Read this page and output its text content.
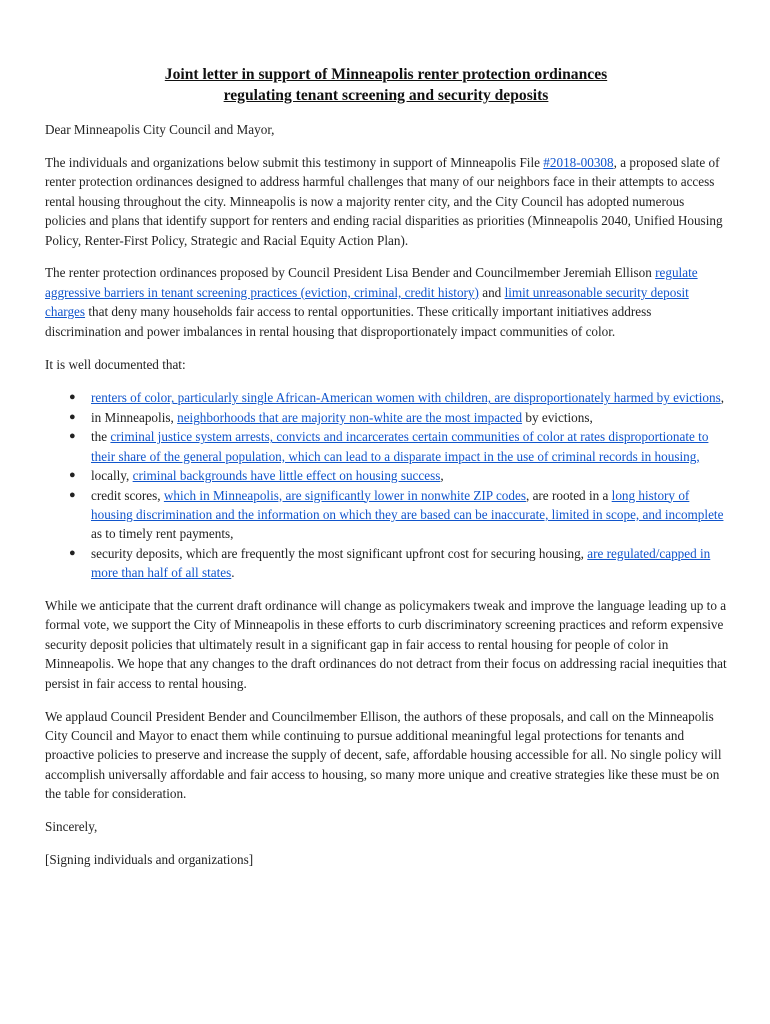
Joint letter in support of Minneapolis renter protection ordinances
regulating tenant screening and security deposits

Dear Minneapolis City Council and Mayor,

The individuals and organizations below submit this testimony in support of Minneapolis File #2018-00308, a proposed slate of renter protection ordinances designed to address harmful challenges that many of our neighbors face in their attempts to access rental housing throughout the city. Minneapolis is now a majority renter city, and the City Council has adopted numerous policies and plans that identify support for renters and ending racial disparities as priorities (Minneapolis 2040, Unified Housing Policy, Renter-First Policy, Strategic and Racial Equity Action Plan).

The renter protection ordinances proposed by Council President Lisa Bender and Councilmember Jeremiah Ellison regulate aggressive barriers in tenant screening practices (eviction, criminal, credit history) and limit unreasonable security deposit charges that deny many households fair access to rental opportunities. These critically important initiatives address discrimination and power imbalances in rental housing that disproportionately impact communities of color.

It is well documented that:

● renters of color, particularly single African-American women with children, are disproportionately harmed by evictions,
● in Minneapolis, neighborhoods that are majority non-white are the most impacted by evictions,
● the criminal justice system arrests, convicts and incarcerates certain communities of color at rates disproportionate to their share of the general population, which can lead to a disparate impact in the use of criminal records in housing,
● locally, criminal backgrounds have little effect on housing success,
● credit scores, which in Minneapolis, are significantly lower in nonwhite ZIP codes, are rooted in a long history of housing discrimination and the information on which they are based can be inaccurate, limited in scope, and incomplete as to timely rent payments,
● security deposits, which are frequently the most significant upfront cost for securing housing, are regulated/capped in more than half of all states.

While we anticipate that the current draft ordinance will change as policymakers tweak and improve the language leading up to a formal vote, we support the City of Minneapolis in these efforts to curb discriminatory screening practices and reform expensive security deposit policies that ultimately result in a significant gap in fair access to rental housing for people of color in Minneapolis. We hope that any changes to the draft ordinances do not detract from their focus on addressing racial inequities that persist in fair access to rental housing.

We applaud Council President Bender and Councilmember Ellison, the authors of these proposals, and call on the Minneapolis City Council and Mayor to enact them while continuing to pursue additional meaningful legal protections for tenants and proactive policies to preserve and increase the supply of decent, safe, affordable housing accessible for all. No single policy will accomplish universally affordable and fair access to housing, so many more unique and creative strategies like these must be on the table for consideration.

Sincerely,

[Signing individuals and organizations]
